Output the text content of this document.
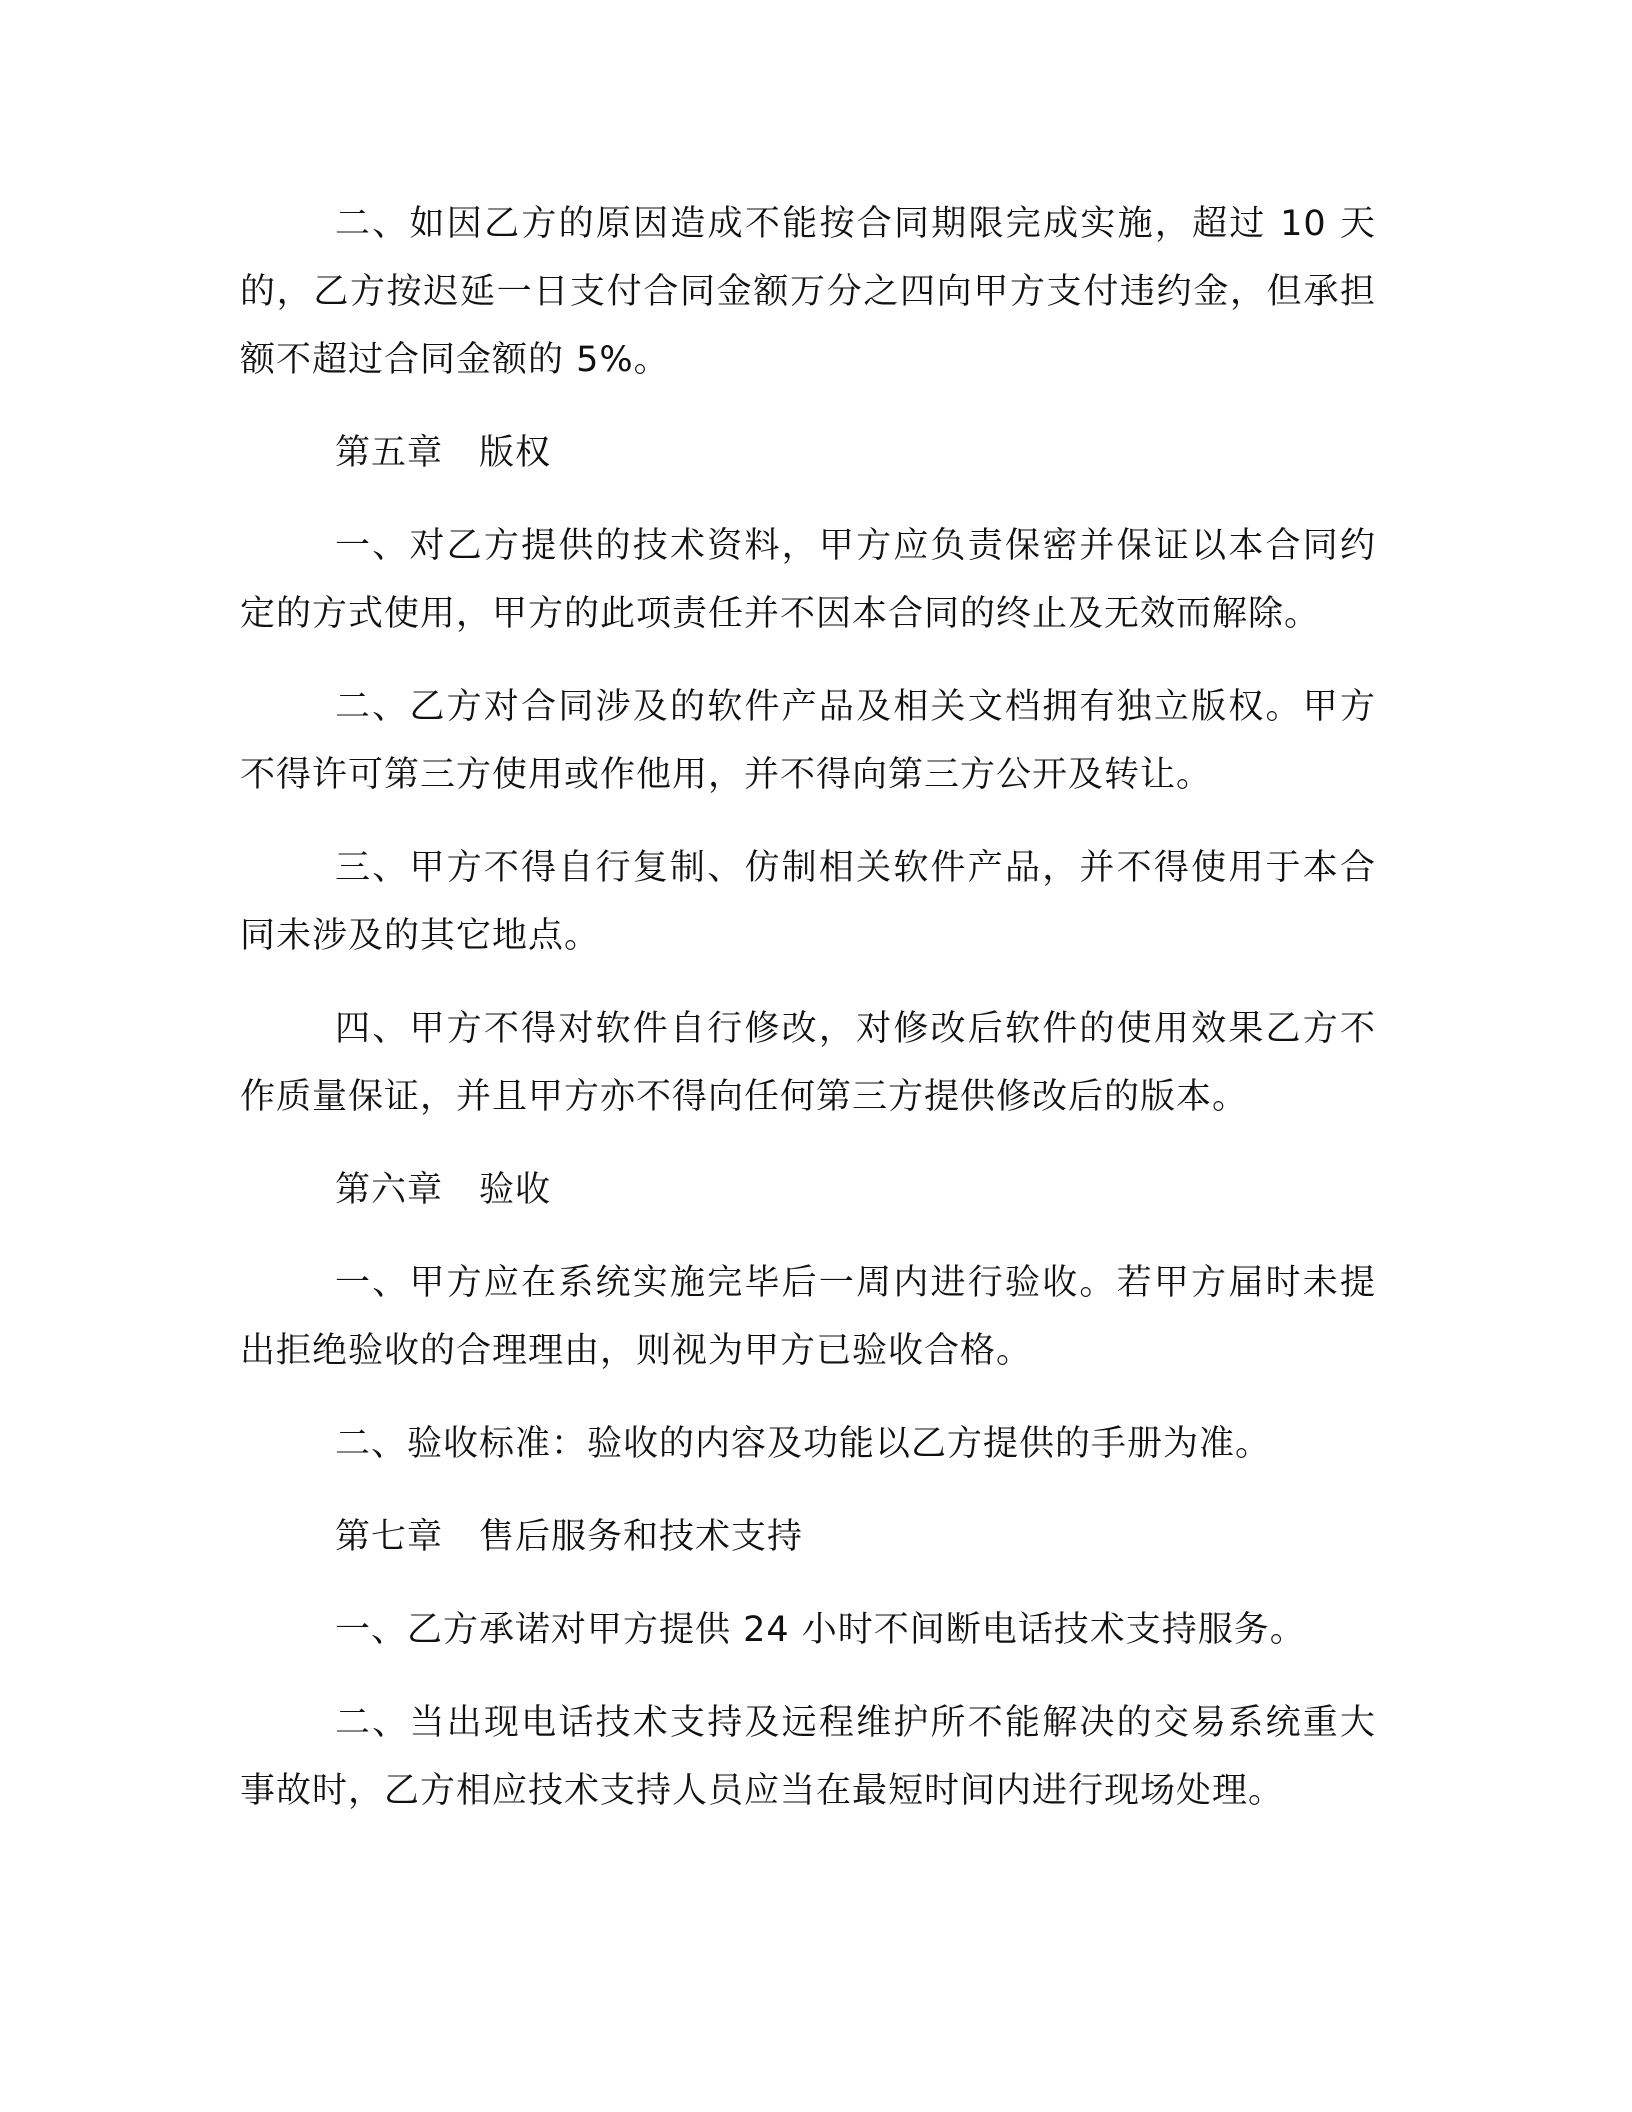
二、如因乙方的原因造成不能按合同期限完成实施，超过 10 天的，乙方按迟延一日支付合同金额万分之四向甲方支付违约金，但承担额不超过合同金额的 5%。

第五章　版权

一、对乙方提供的技术资料，甲方应负责保密并保证以本合同约定的方式使用，甲方的此项责任并不因本合同的终止及无效而解除。

二、乙方对合同涉及的软件产品及相关文档拥有独立版权。甲方不得许可第三方使用或作他用，并不得向第三方公开及转让。

三、甲方不得自行复制、仿制相关软件产品，并不得使用于本合同未涉及的其它地点。

四、甲方不得对软件自行修改，对修改后软件的使用效果乙方不作质量保证，并且甲方亦不得向任何第三方提供修改后的版本。

第六章　验收

一、甲方应在系统实施完毕后一周内进行验收。若甲方届时未提出拒绝验收的合理理由，则视为甲方已验收合格。

二、验收标准：验收的内容及功能以乙方提供的手册为准。

第七章　售后服务和技术支持

一、乙方承诺对甲方提供 24 小时不间断电话技术支持服务。

二、当出现电话技术支持及远程维护所不能解决的交易系统重大事故时，乙方相应技术支持人员应当在最短时间内进行现场处理。
